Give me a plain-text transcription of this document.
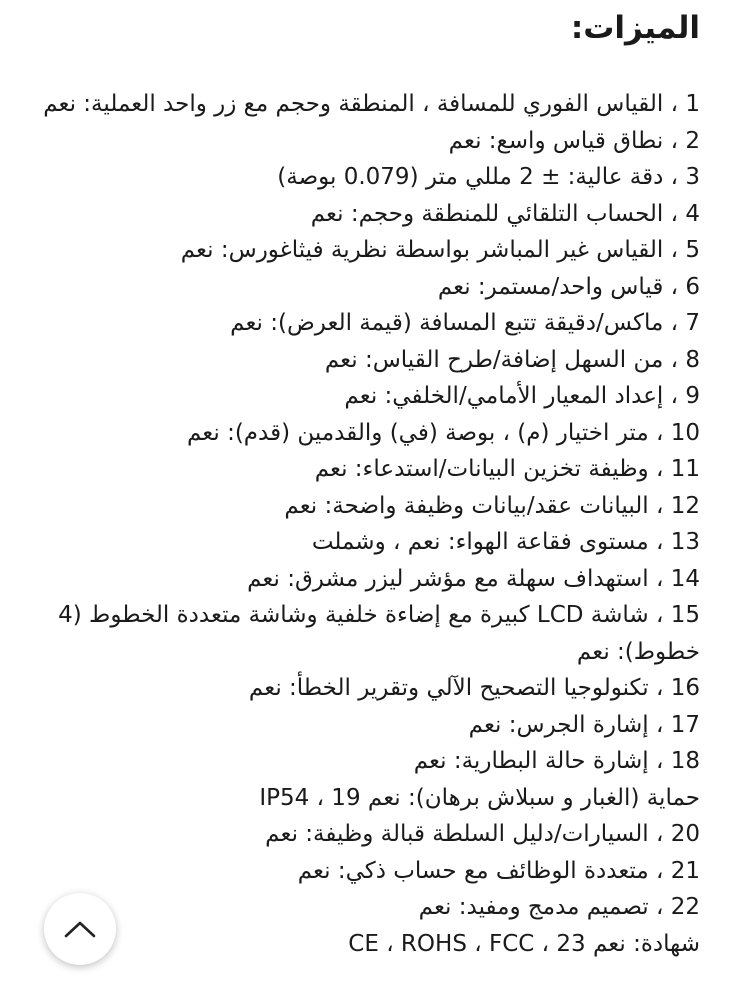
الميزات:
1 ، القياس الفوري للمسافة ، المنطقة وحجم مع زر واحد العملية: نعم
2 ، نطاق قياس واسع: نعم
3 ، دقة عالية: ± 2 مللي متر (0.079 بوصة)
4 ، الحساب التلقائي للمنطقة وحجم: نعم
5 ، القياس غير المباشر بواسطة نظرية فيثاغورس: نعم
6 ، قياس واحد/مستمر: نعم
7 ، ماكس/دقيقة تتبع المسافة (قيمة العرض): نعم
8 ، من السهل إضافة/طرح القياس: نعم
9 ، إعداد المعيار الأمامي/الخلفي: نعم
10 ، متر اختيار (م) ، بوصة (في) والقدمين (قدم): نعم
11 ، وظيفة تخزين البيانات/استدعاء: نعم
12 ، البيانات عقد/بيانات وظيفة واضحة: نعم
13 ، مستوى فقاعة الهواء: نعم ، وشملت
14 ، استهداف سهلة مع مؤشر ليزر مشرق: نعم
15 ، شاشة LCD كبيرة مع إضاءة خلفية وشاشة متعددة الخطوط (4 خطوط): نعم
16 ، تكنولوجيا التصحيح الآلي وتقرير الخطأ: نعم
17 ، إشارة الجرس: نعم
18 ، إشارة حالة البطارية: نعم
حماية (الغبار و سبلاش برهان): نعم IP54 ، 19
20 ، السيارات/دليل السلطة قبالة وظيفة: نعم
21 ، متعددة الوظائف مع حساب ذكي: نعم
22 ، تصميم مدمج ومفيد: نعم
شهادة: نعم 23 ، CE ، ROHS ، FCC
